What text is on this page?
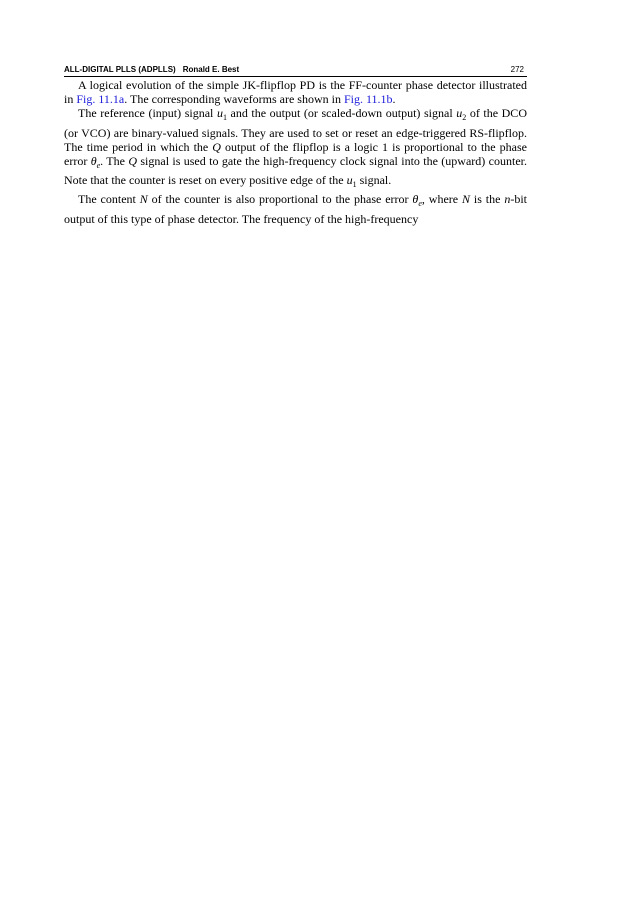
ALL-DIGITAL PLLS (ADPLLS) Ronald E. Best	272

A logical evolution of the simple JK-flipflop PD is the FF-counter phase detector illustrated in Fig. 11.1a. The corresponding waveforms are shown in Fig. 11.1b.

The reference (input) signal $u_1$ and the output (or scaled-down output) signal $u_2$ of the DCO (or VCO) are binary-valued signals. They are used to set or reset an edge-triggered RS-flipflop. The time period in which the Q output of the flipflop is a logic 1 is proportional to the phase error $\theta_e$. The Q signal is used to gate the high-frequency clock signal into the (upward) counter. Note that the counter is reset on every positive edge of the $u_1$ signal.

The content N of the counter is also proportional to the phase error $\theta_e$, where N is the n-bit output of this type of phase detector. The frequency of the high-frequency
